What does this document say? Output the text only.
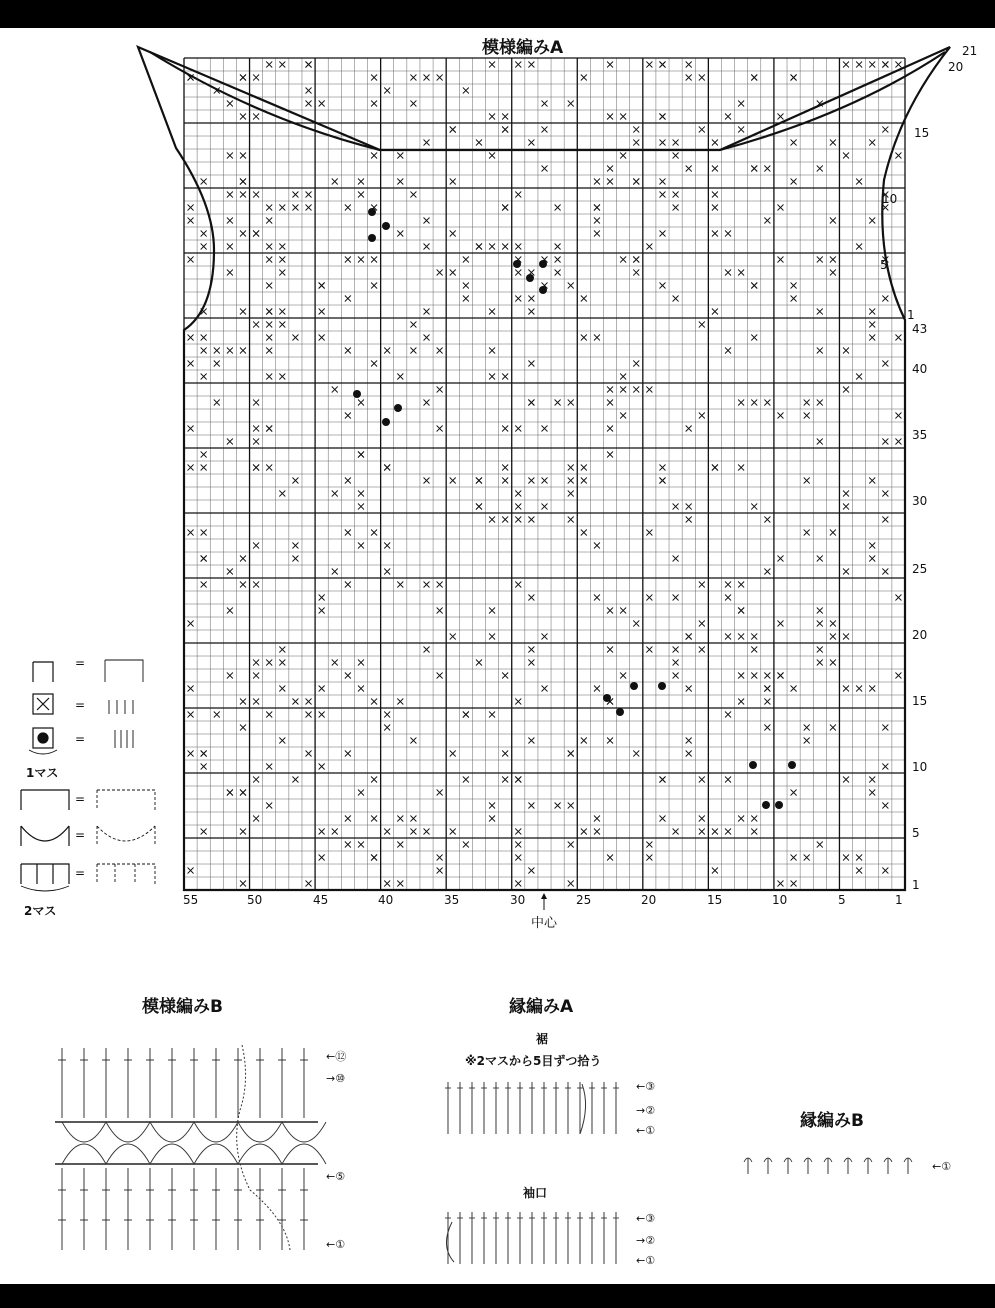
模様編みA
中心
55	50	45	40	35	30	25	20	15	10	5	1
43
40
35
30
25
20
15
10
5
1
21
20
15
10
5
1
=
=
=
=
=
=
1マス
2マス
模様編みB
←⑫
→⑩
←⑤
←①
縁編みA
裾
※2マスから5目ずつ拾う
袖口
←③
→②
←①
←③
→②
←①
縁編みB
←①
